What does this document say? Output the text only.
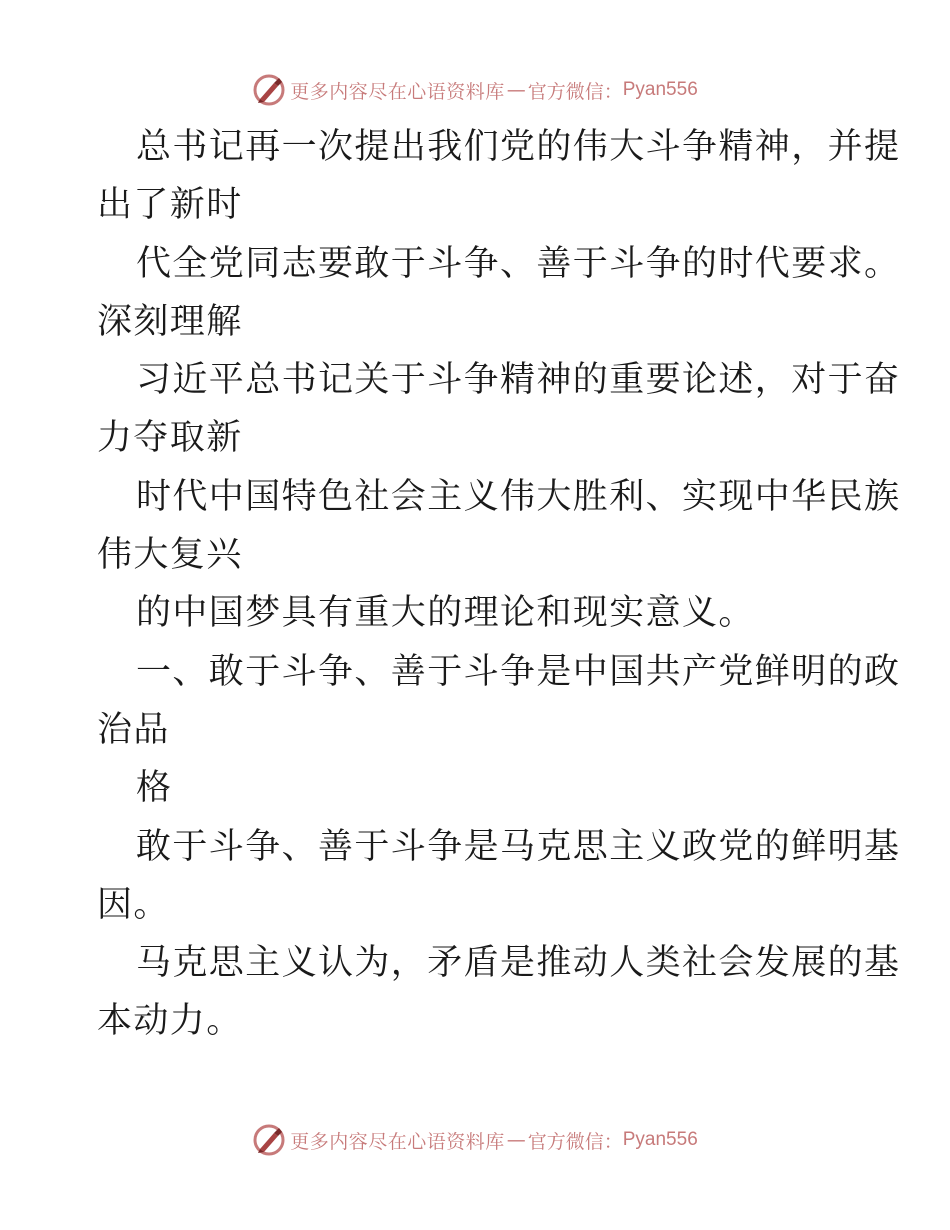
更多内容尽在心语资料库 — 官方微信： Pyan556
总书记再一次提出我们党的伟大斗争精神，并提
出了新时
代全党同志要敢于斗争、善于斗争的时代要求。
深刻理解
习近平总书记关于斗争精神的重要论述，对于奋
力夺取新
时代中国特色社会主义伟大胜利、实现中华民族
伟大复兴
的中国梦具有重大的理论和现实意义。
一、敢于斗争、善于斗争是中国共产党鲜明的政
治品
格
敢于斗争、善于斗争是马克思主义政党的鲜明基
因。
马克思主义认为，矛盾是推动人类社会发展的基
本动力。
更多内容尽在心语资料库 — 官方微信： Pyan556
